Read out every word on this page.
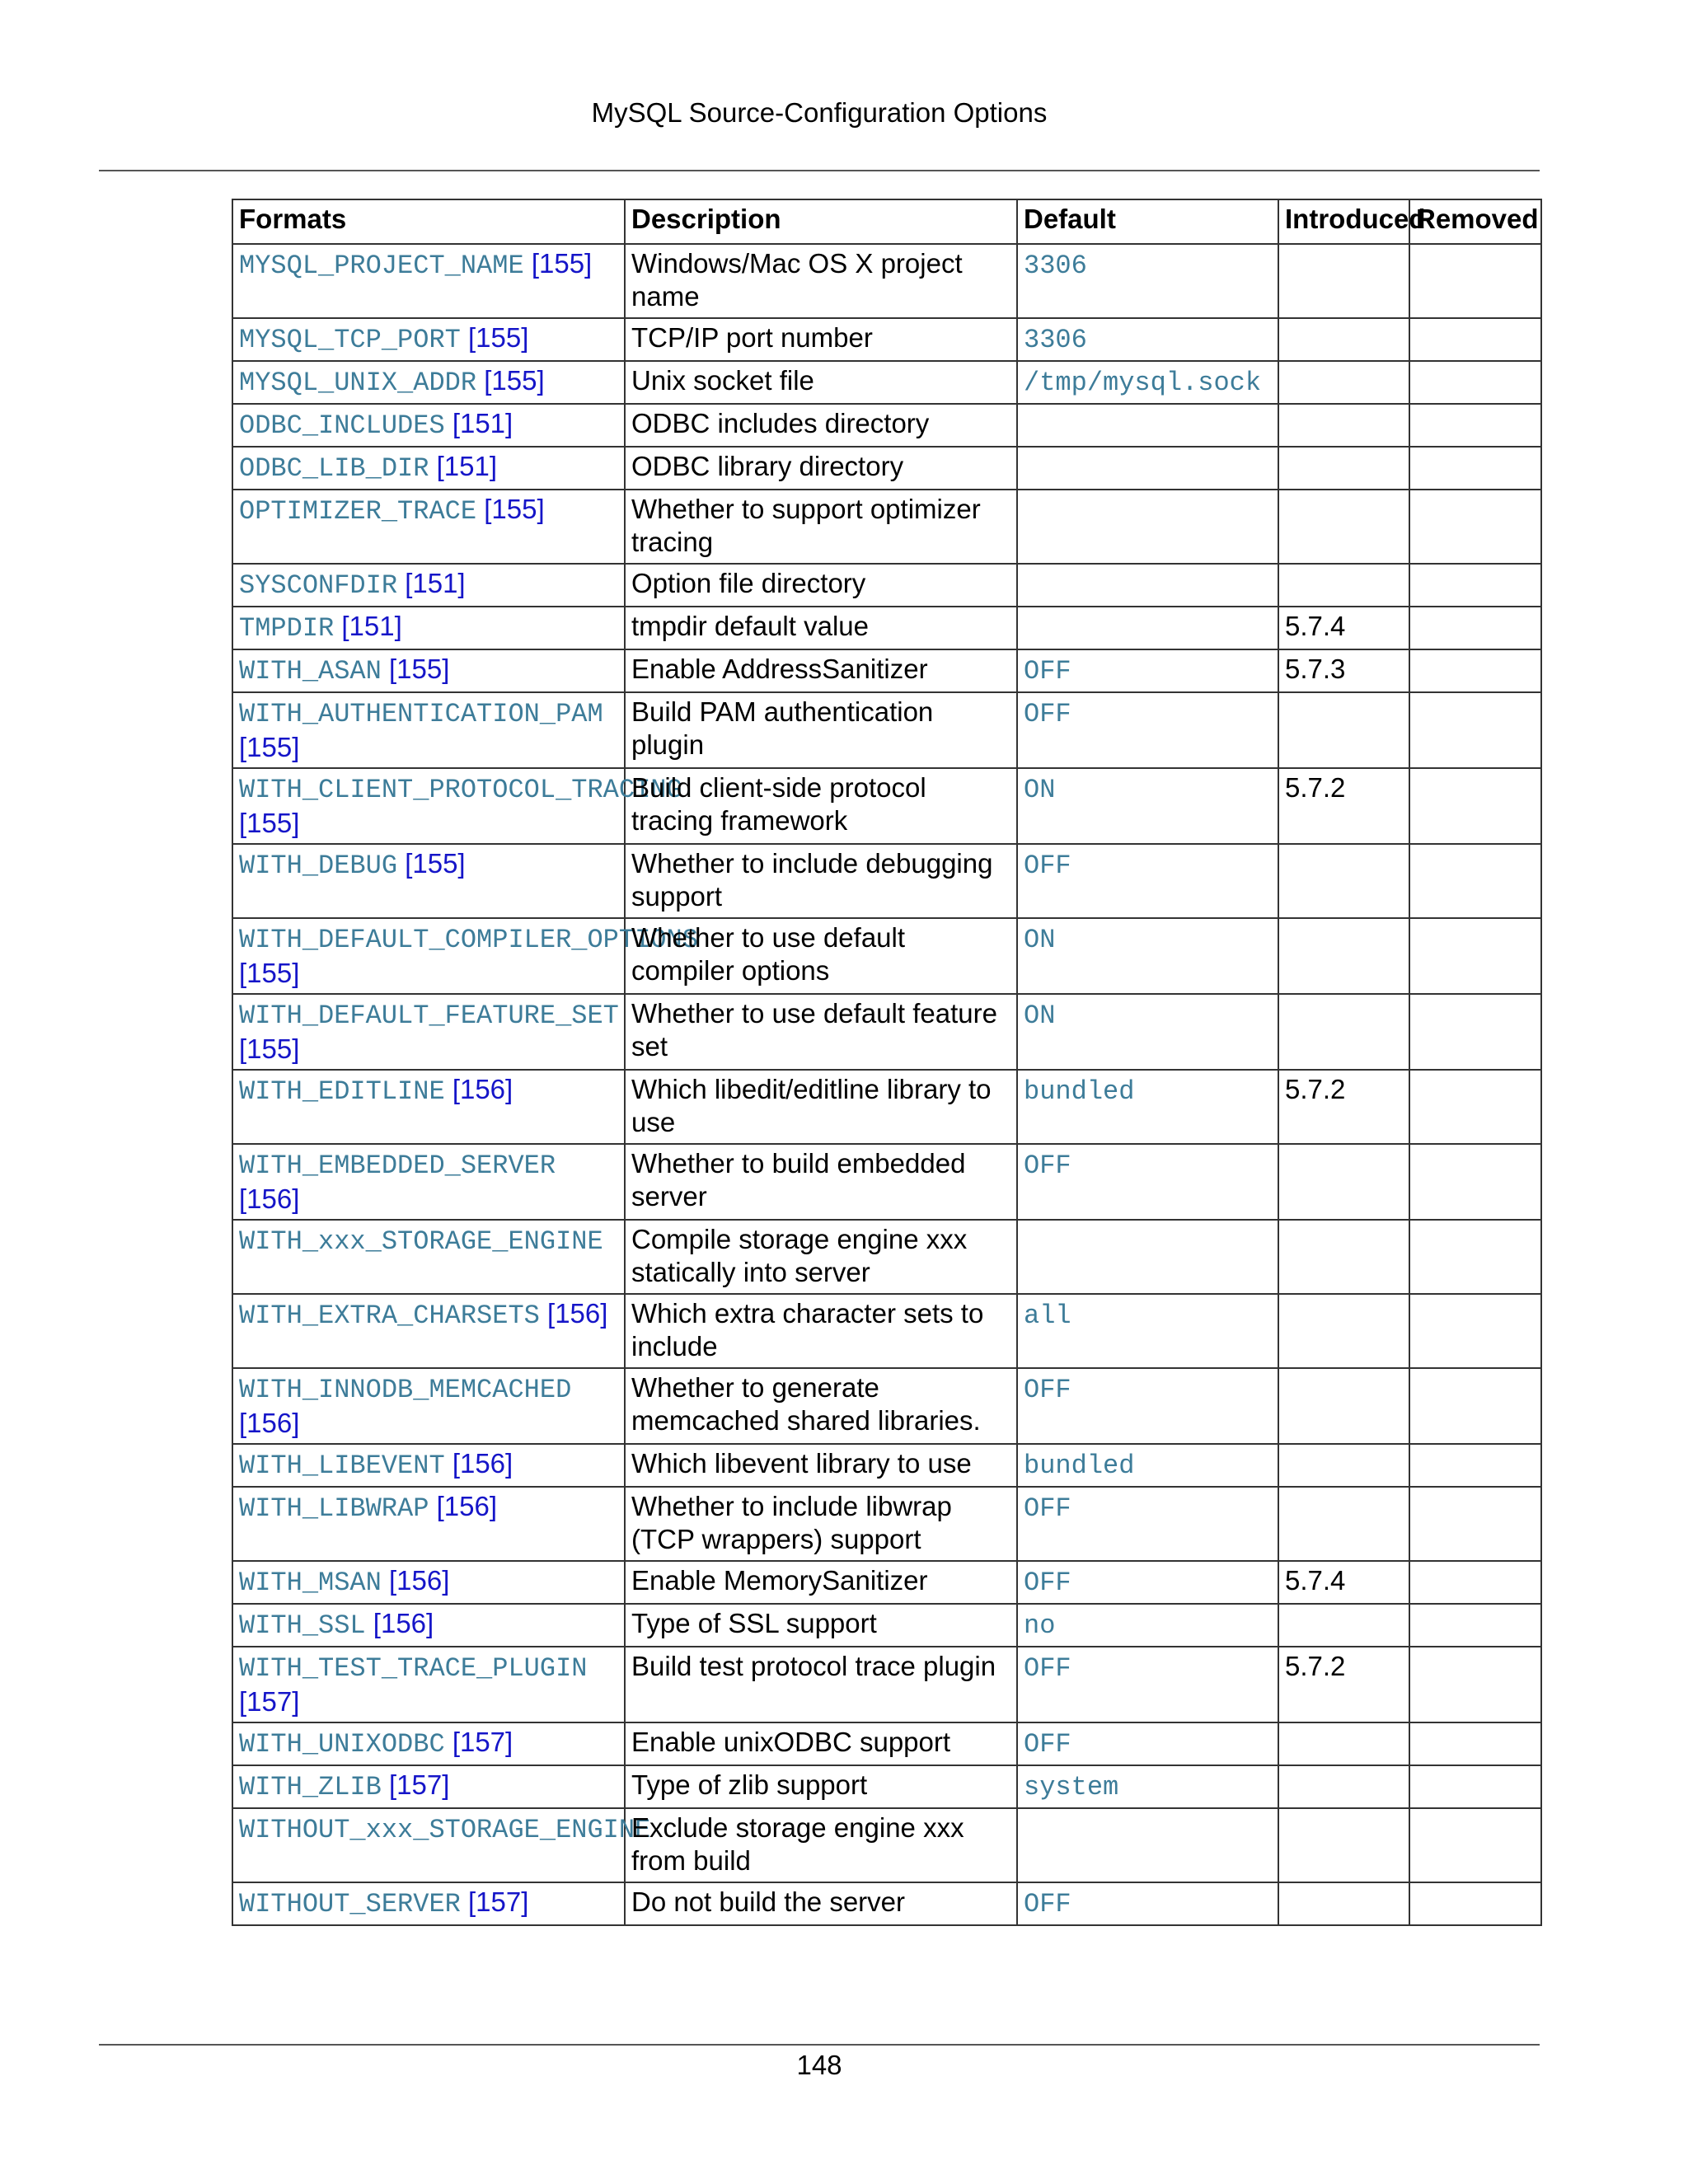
MySQL Source-Configuration Options
Formats	Description	Default	Introduced	Removed
MYSQL_PROJECT_NAME [155]	Windows/Mac OS X project name	3306		
MYSQL_TCP_PORT [155]	TCP/IP port number	3306		
MYSQL_UNIX_ADDR [155]	Unix socket file	/tmp/mysql.sock		
ODBC_INCLUDES [151]	ODBC includes directory			
ODBC_LIB_DIR [151]	ODBC library directory			
OPTIMIZER_TRACE [155]	Whether to support optimizer tracing			
SYSCONFDIR [151]	Option file directory			
TMPDIR [151]	tmpdir default value		5.7.4	
WITH_ASAN [155]	Enable AddressSanitizer	OFF	5.7.3	
WITH_AUTHENTICATION_PAM [155]	Build PAM authentication plugin	OFF		
WITH_CLIENT_PROTOCOL_TRACING [155]	Build client-side protocol tracing framework	ON	5.7.2	
WITH_DEBUG [155]	Whether to include debugging support	OFF		
WITH_DEFAULT_COMPILER_OPTIONS [155]	Whether to use default compiler options	ON		
WITH_DEFAULT_FEATURE_SET [155]	Whether to use default feature set	ON		
WITH_EDITLINE [156]	Which libedit/editline library to use	bundled	5.7.2	
WITH_EMBEDDED_SERVER [156]	Whether to build embedded server	OFF		
WITH_xxx_STORAGE_ENGINE	Compile storage engine xxx statically into server			
WITH_EXTRA_CHARSETS [156]	Which extra character sets to include	all		
WITH_INNODB_MEMCACHED [156]	Whether to generate memcached shared libraries.	OFF		
WITH_LIBEVENT [156]	Which libevent library to use	bundled		
WITH_LIBWRAP [156]	Whether to include libwrap (TCP wrappers) support	OFF		
WITH_MSAN [156]	Enable MemorySanitizer	OFF	5.7.4	
WITH_SSL [156]	Type of SSL support	no		
WITH_TEST_TRACE_PLUGIN [157]	Build test protocol trace plugin	OFF	5.7.2	
WITH_UNIXODBC [157]	Enable unixODBC support	OFF		
WITH_ZLIB [157]	Type of zlib support	system		
WITHOUT_xxx_STORAGE_ENGINE	Exclude storage engine xxx from build			
WITHOUT_SERVER [157]	Do not build the server	OFF		
148
